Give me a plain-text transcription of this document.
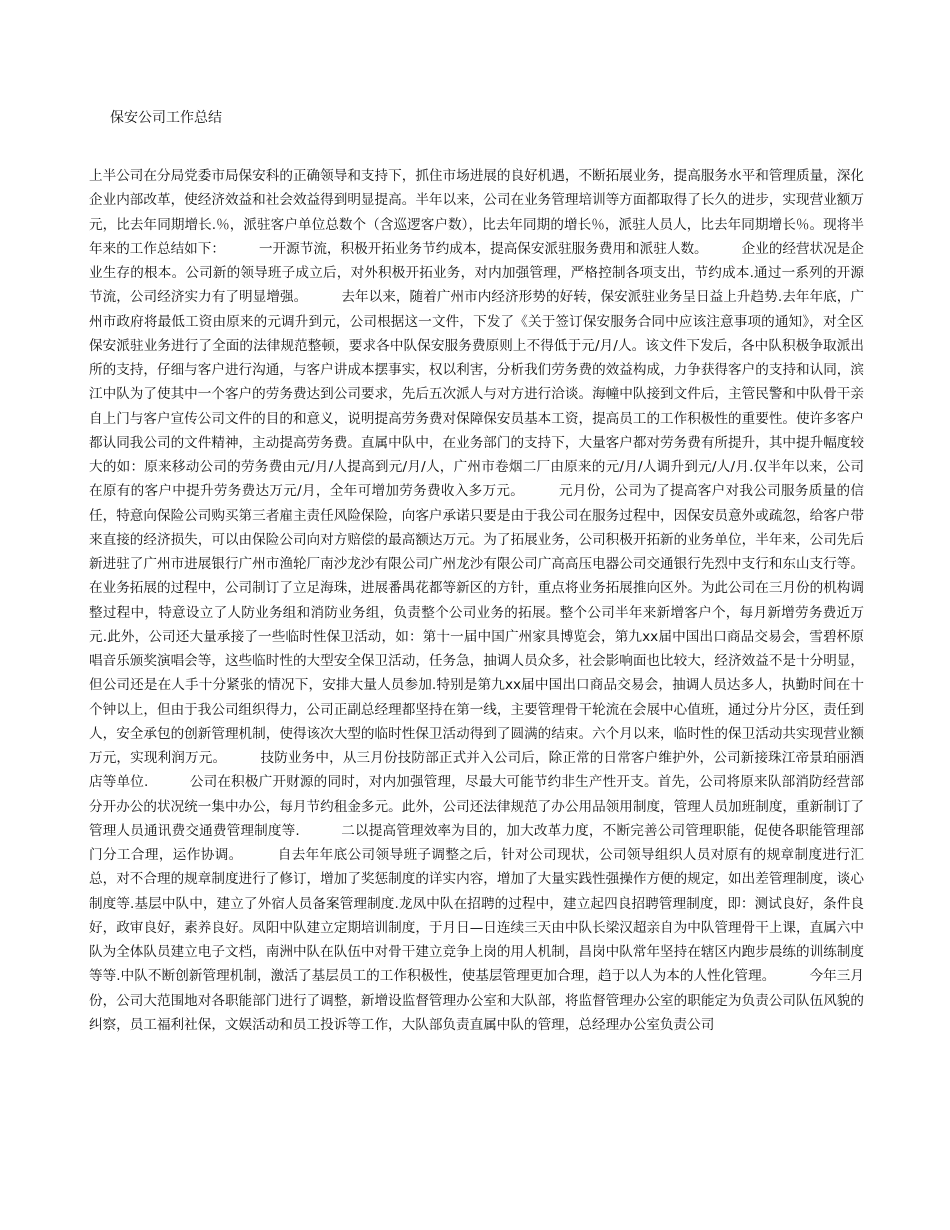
保安公司工作总结

上半公司在分局党委市局保安科的正确领导和支持下，抓住市场进展的良好机遇，不断拓展业务，提高服务水平和管理质量，深化企业内部改革，使经济效益和社会效益得到明显提高。半年以来，公司在业务管理培训等方面都取得了长久的进步，实现营业额万元，比去年同期增长.％，派驻客户单位总数个（含巡逻客户数），比去年同期的增长％，派驻人员人，比去年同期增长％。现将半年来的工作总结如下：　　　一开源节流，积极开拓业务节约成本，提高保安派驻服务费用和派驻人数。　　　企业的经营状况是企业生存的根本。公司新的领导班子成立后，对外积极开拓业务，对内加强管理，严格控制各项支出，节约成本.通过一系列的开源节流，公司经济实力有了明显增强。　　　去年以来，随着广州市内经济形势的好转，保安派驻业务呈日益上升趋势.去年年底，广州市政府将最低工资由原来的元调升到元，公司根据这一文件，下发了《关于签订保安服务合同中应该注意事项的通知》，对全区保安派驻业务进行了全面的法律规范整顿，要求各中队保安服务费原则上不得低于元/月/人。该文件下发后，各中队积极争取派出所的支持，仔细与客户进行沟通，与客户讲成本摆事实，权以利害，分析我们劳务费的效益构成，力争获得客户的支持和认同，滨江中队为了使其中一个客户的劳务费达到公司要求，先后五次派人与对方进行洽谈。海幢中队接到文件后，主管民警和中队骨干亲自上门与客户宣传公司文件的目的和意义，说明提高劳务费对保障保安员基本工资，提高员工的工作积极性的重要性。使许多客户都认同我公司的文件精神，主动提高劳务费。直属中队中，在业务部门的支持下，大量客户都对劳务费有所提升，其中提升幅度较大的如：原来移动公司的劳务费由元/月/人提高到元/月/人，广州市卷烟二厂由原来的元/月/人调升到元/人/月.仅半年以来，公司在原有的客户中提升劳务费达万元/月，全年可增加劳务费收入多万元。　　　元月份，公司为了提高客户对我公司服务质量的信任，特意向保险公司购买第三者雇主责任风险保险，向客户承诺只要是由于我公司在服务过程中，因保安员意外或疏忽，给客户带来直接的经济损失，可以由保险公司向对方赔偿的最高额达万元。为了拓展业务，公司积极开拓新的业务单位，半年来，公司先后新进驻了广州市进展银行广州市渔轮厂南沙龙沙有限公司广州龙沙有限公司广高高压电器公司交通银行先烈中支行和东山支行等。在业务拓展的过程中，公司制订了立足海珠，进展番禺花都等新区的方针，重点将业务拓展推向区外。为此公司在三月份的机构调整过程中，特意设立了人防业务组和消防业务组，负责整个公司业务的拓展。整个公司半年来新增客户个，每月新增劳务费近万元.此外，公司还大量承接了一些临时性保卫活动，如：第十一届中国广州家具博览会，第九xx届中国出口商品交易会，雪碧杯原唱音乐颁奖演唱会等，这些临时性的大型安全保卫活动，任务急，抽调人员众多，社会影响面也比较大，经济效益不是十分明显，但公司还是在人手十分紧张的情况下，安排大量人员参加.特别是第九xx届中国出口商品交易会，抽调人员达多人，执勤时间在十个钟以上，但由于我公司组织得力，公司正副总经理都坚持在第一线，主要管理骨干轮流在会展中心值班，通过分片分区，责任到人，安全承包的创新管理机制，使得该次大型的临时性保卫活动得到了圆满的结束。六个月以来，临时性的保卫活动共实现营业额万元，实现利润万元。　　　技防业务中，从三月份技防部正式并入公司后，除正常的日常客户维护外，公司新接珠江帝景珀丽酒店等单位.　　　公司在积极广开财源的同时，对内加强管理，尽最大可能节约非生产性开支。首先，公司将原来队部消防经营部分开办公的状况统一集中办公，每月节约租金多元。此外，公司还法律规范了办公用品领用制度，管理人员加班制度，重新制订了管理人员通讯费交通费管理制度等.　　　二以提高管理效率为目的，加大改革力度，不断完善公司管理职能，促使各职能管理部门分工合理，运作协调。　　　自去年年底公司领导班子调整之后，针对公司现状，公司领导组织人员对原有的规章制度进行汇总，对不合理的规章制度进行了修订，增加了奖惩制度的详实内容，增加了大量实践性强操作方便的规定，如出差管理制度，谈心制度等.基层中队中，建立了外宿人员备案管理制度.龙凤中队在招聘的过程中，建立起四良招聘管理制度，即：测试良好，条件良好，政审良好，素养良好。凤阳中队建立定期培训制度，于月日—日连续三天由中队长梁汉超亲自为中队管理骨干上课，直属六中队为全体队员建立电子文档，南洲中队在队伍中对骨干建立竞争上岗的用人机制，昌岗中队常年坚持在辖区内跑步晨练的训练制度等等.中队不断创新管理机制，激活了基层员工的工作积极性，使基层管理更加合理，趋于以人为本的人性化管理。　　　今年三月份，公司大范围地对各职能部门进行了调整，新增设监督管理办公室和大队部，将监督管理办公室的职能定为负责公司队伍风貌的纠察，员工福利社保，文娱活动和员工投诉等工作，大队部负责直属中队的管理，总经理办公室负责公司
